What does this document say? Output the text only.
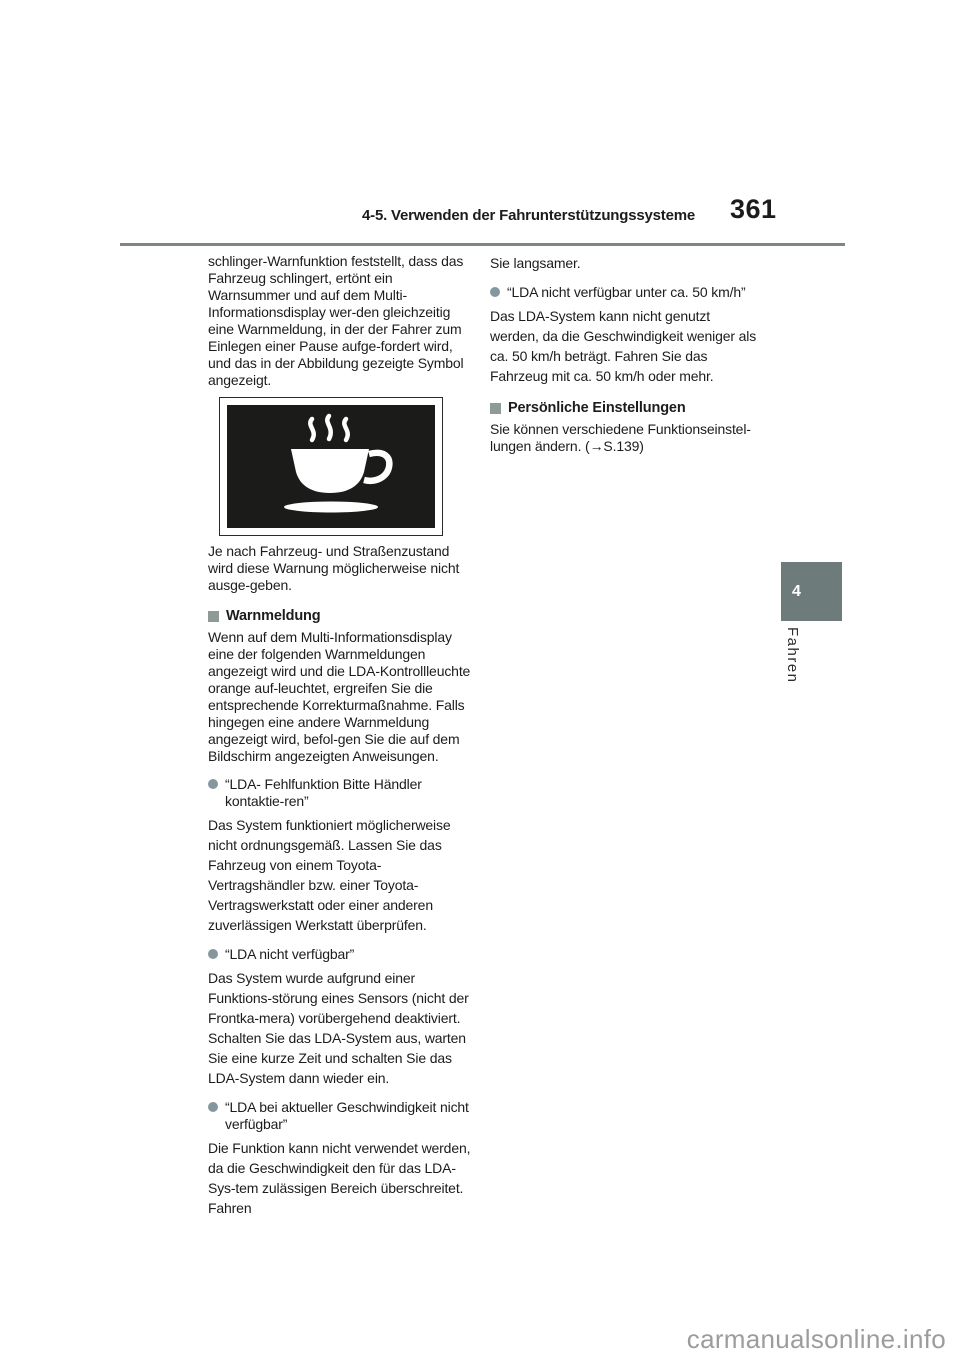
4-5. Verwenden der Fahrunterstützungssysteme 361

schlinger-Warnfunktion feststellt, dass das Fahrzeug schlingert, ertönt ein Warnsummer und auf dem Multi-Informationsdisplay wer-den gleichzeitig eine Warnmeldung, in der der Fahrer zum Einlegen einer Pause aufge-fordert wird, und das in der Abbildung gezeigte Symbol angezeigt.

Je nach Fahrzeug- und Straßenzustand wird diese Warnung möglicherweise nicht ausge-geben.

Warnmeldung

Wenn auf dem Multi-Informationsdisplay eine der folgenden Warnmeldungen angezeigt wird und die LDA-Kontrollleuchte orange auf-leuchtet, ergreifen Sie die entsprechende Korrekturmaßnahme. Falls hingegen eine andere Warnmeldung angezeigt wird, befol-gen Sie die auf dem Bildschirm angezeigten Anweisungen.

“LDA- Fehlfunktion Bitte Händler kontaktie-ren”

Das System funktioniert möglicherweise nicht ordnungsgemäß. Lassen Sie das Fahrzeug von einem Toyota-Vertragshändler bzw. einer Toyota-Vertragswerkstatt oder einer anderen zuverlässigen Werkstatt überprüfen.

“LDA nicht verfügbar”

Das System wurde aufgrund einer Funktions-störung eines Sensors (nicht der Frontka-mera) vorübergehend deaktiviert. Schalten Sie das LDA-System aus, warten Sie eine kurze Zeit und schalten Sie das LDA-System dann wieder ein.

“LDA bei aktueller Geschwindigkeit nicht verfügbar”

Die Funktion kann nicht verwendet werden, da die Geschwindigkeit den für das LDA-Sys-tem zulässigen Bereich überschreitet. Fahren

Sie langsamer.

“LDA nicht verfügbar unter ca. 50 km/h”

Das LDA-System kann nicht genutzt werden, da die Geschwindigkeit weniger als ca. 50 km/h beträgt. Fahren Sie das Fahrzeug mit ca. 50 km/h oder mehr.

Persönliche Einstellungen

Sie können verschiedene Funktionseinstel-lungen ändern. (→S.139)

4
Fahren
carmanualsonline.info
